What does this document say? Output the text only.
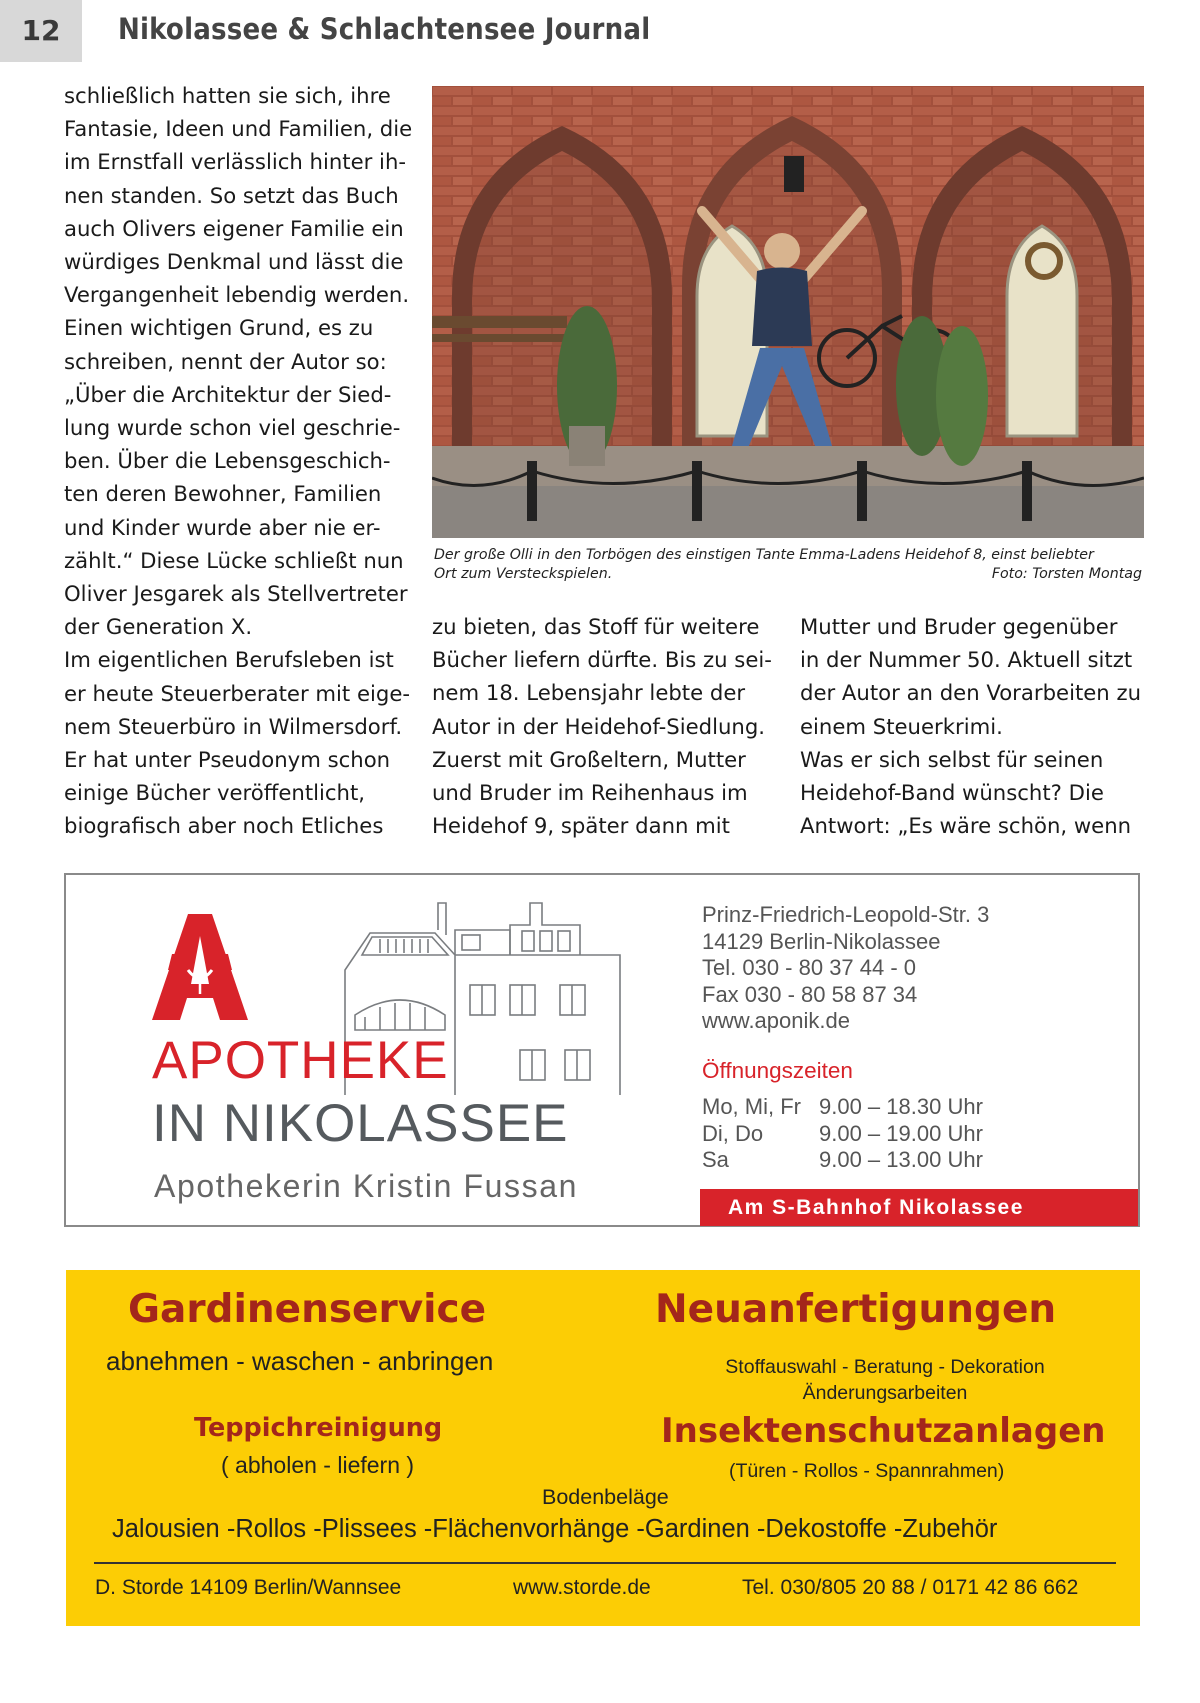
12	Nikolassee & Schlachtensee Journal
schließlich hatten sie sich, ihre
Fantasie, Ideen und Familien, die
im Ernstfall verlässlich hinter ih-
nen standen. So setzt das Buch
auch Olivers eigener Familie ein
würdiges Denkmal und lässt die
Vergangenheit lebendig werden.
Einen wichtigen Grund, es zu
schreiben, nennt der Autor so:
„Über die Architektur der Sied-
lung wurde schon viel geschrie-
ben. Über die Lebensgeschich-
ten deren Bewohner, Familien
und Kinder wurde aber nie er-
zählt.“ Diese Lücke schließt nun
Oliver Jesgarek als Stellvertreter
der Generation X.
Im eigentlichen Berufsleben ist
er heute Steuerberater mit eige-
nem Steuerbüro in Wilmersdorf.
Er hat unter Pseudonym schon
einige Bücher veröffentlicht,
biografisch aber noch Etliches
Der große Olli in den Torbögen des einstigen Tante Emma-Ladens Heidehof 8, einst beliebter
Ort zum Versteckspielen.	Foto: Torsten Montag
zu bieten, das Stoff für weitere
Bücher liefern dürfte. Bis zu sei-
nem 18. Lebensjahr lebte der
Autor in der Heidehof-Siedlung.
Zuerst mit Großeltern, Mutter
und Bruder im Reihenhaus im
Heidehof 9, später dann mit
Mutter und Bruder gegenüber
in der Nummer 50. Aktuell sitzt
der Autor an den Vorarbeiten zu
einem Steuerkrimi.
Was er sich selbst für seinen
Heidehof-Band wünscht? Die
Antwort: „Es wäre schön, wenn
APOTHEKE
IN NIKOLASSEE
Apothekerin Kristin Fussan
Prinz-Friedrich-Leopold-Str. 3
14129 Berlin-Nikolassee
Tel. 030 - 80 37 44 - 0
Fax 030 - 80 58 87 34
www.aponik.de
Öffnungszeiten
Mo, Mi, Fr 9.00 – 18.30 Uhr
Di, Do	9.00 – 19.00 Uhr
Sa	9.00 – 13.00 Uhr
Am S-Bahnhof Nikolassee
Gardinenservice	Neuanfertigungen
abnehmen - waschen - anbringen	Stoffauswahl - Beratung - Dekoration
Änderungsarbeiten
Teppichreinigung	Insektenschutzanlagen
( abholen - liefern )	(Türen - Rollos - Spannrahmen)
Bodenbeläge
Jalousien -Rollos -Plissees -Flächenvorhänge -Gardinen -Dekostoffe -Zubehör
D. Storde 14109 Berlin/Wannsee	www.storde.de	Tel. 030/805 20 88 / 0171 42 86 662
